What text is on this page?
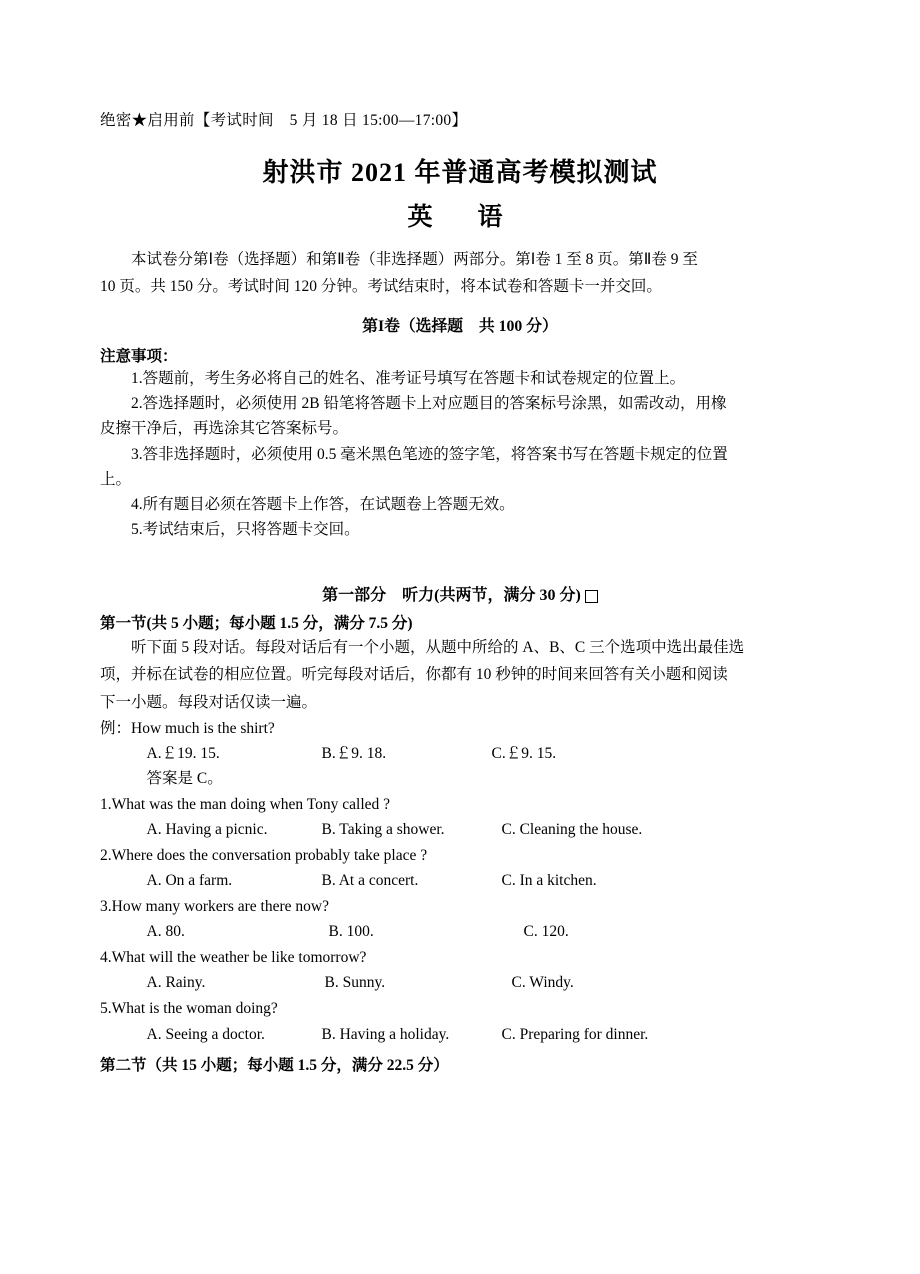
绝密★启用前【考试时间　5 月 18 日 15:00—17:00】
射洪市 2021 年普通高考模拟测试
英　语

本试卷分第Ⅰ卷（选择题）和第Ⅱ卷（非选择题）两部分。第Ⅰ卷 1 至 8 页。第Ⅱ卷 9 至

10 页。共 150 分。考试时间 120 分钟。考试结束时，将本试卷和答题卡一并交回。

第I卷（选择题　共 100 分）
注意事项：

1.答题前，考生务必将自己的姓名、准考证号填写在答题卡和试卷规定的位置上。

2.答选择题时，必须使用 2B 铅笔将答题卡上对应题目的答案标号涂黑，如需改动，用橡

皮擦干净后，再选涂其它答案标号。

3.答非选择题时，必须使用 0.5 毫米黑色笔迹的签字笔，将答案书写在答题卡规定的位置

上。

4.所有题目必须在答题卡上作答，在试题卷上答题无效。

5.考试结束后，只将答题卡交回。

第一部分　听力(共两节，满分 30 分)
第一节(共 5 小题；每小题 1.5 分，满分 7.5 分)

听下面 5 段对话。每段对话后有一个小题，从题中所给的 A、B、C 三个选项中选出最佳选

项，并标在试卷的相应位置。听完每段对话后，你都有 10 秒钟的时间来回答有关小题和阅读

下一小题。每段对话仅读一遍。

例：How much is the shirt?

A.￡19. 15.	B.￡9. 18.	C.￡9. 15.

答案是 C。

1.What was the man doing when Tony called ?

A. Having a picnic.	B. Taking a shower.	C. Cleaning the house.

2.Where does the conversation probably take place ?

A. On a farm.	B. At a concert.	C. In a kitchen.

3.How many workers are there now?

A. 80.	B. 100.	C. 120.

4.What will the weather be like tomorrow?

A. Rainy.	B. Sunny.	C. Windy.

5.What is the woman doing?

A. Seeing a doctor.	B. Having a holiday.	C. Preparing for dinner.

第二节（共 15 小题；每小题 1.5 分，满分 22.5 分）
